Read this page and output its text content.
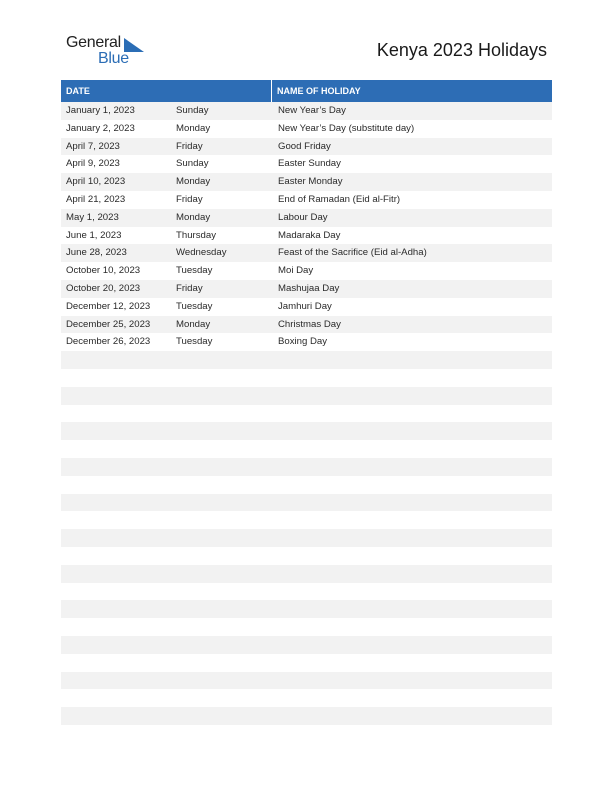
General
Blue	Kenya 2023 Holidays
DATE	NAME OF HOLIDAY
January 1, 2023	Sunday	New Year’s Day
January 2, 2023	Monday	New Year’s Day (substitute day)
April 7, 2023	Friday	Good Friday
April 9, 2023	Sunday	Easter Sunday
April 10, 2023	Monday	Easter Monday
April 21, 2023	Friday	End of Ramadan (Eid al-Fitr)
May 1, 2023	Monday	Labour Day
June 1, 2023	Thursday	Madaraka Day
June 28, 2023	Wednesday	Feast of the Sacrifice (Eid al-Adha)
October 10, 2023	Tuesday	Moi Day
October 20, 2023	Friday	Mashujaa Day
December 12, 2023	Tuesday	Jamhuri Day
December 25, 2023	Monday	Christmas Day
December 26, 2023	Tuesday	Boxing Day
